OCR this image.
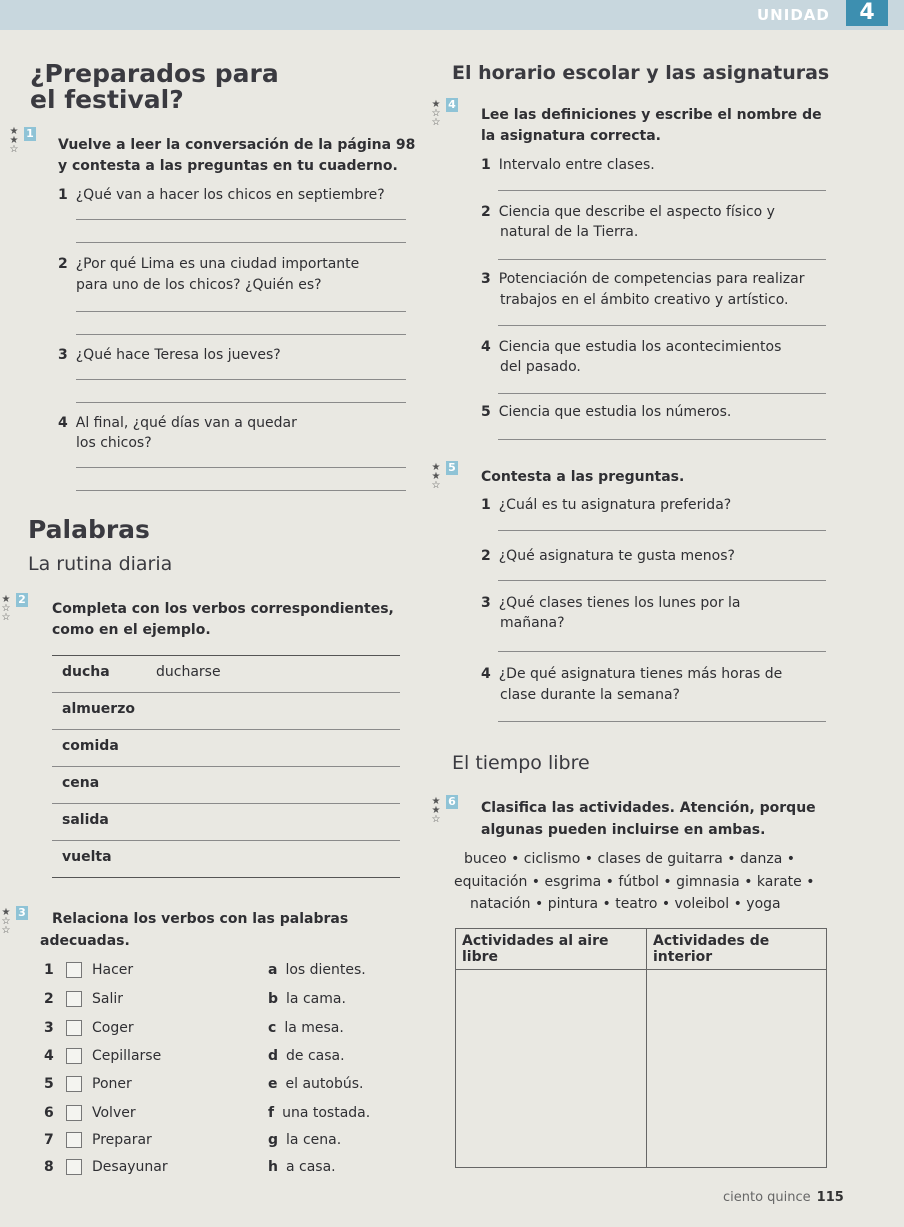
UNIDAD	4
¿Preparados para
el festival?
★
★
☆
1
Vuelve a leer la conversación de la página 98
y contesta a las preguntas en tu cuaderno.
1 ¿Qué van a hacer los chicos en septiembre?
2 ¿Por qué Lima es una ciudad importante
para uno de los chicos? ¿Quién es?
3 ¿Qué hace Teresa los jueves?
4 Al final, ¿qué días van a quedar
los chicos?
Palabras
La rutina diaria
★
☆
☆
2
Completa con los verbos correspondientes,
como en el ejemplo.
ducha	ducharse
almuerzo
comida
cena
salida
vuelta
★
☆
☆
3 Relaciona los verbos con las palabras
adecuadas.
1	Hacer	a los dientes.
2	Salir	b la cama.
3	Coger	c la mesa.
4	Cepillarse	d de casa.
5	Poner	e el autobús.
6	Volver	f una tostada.
7	Preparar	g la cena.
8	Desayunar	h a casa.
El horario escolar y las asignaturas
★
☆
☆
4
Lee las definiciones y escribe el nombre de
la asignatura correcta.
1 Intervalo entre clases.
2 Ciencia que describe el aspecto físico y
natural de la Tierra.
3 Potenciación de competencias para realizar
trabajos en el ámbito creativo y artístico.
4 Ciencia que estudia los acontecimientos
del pasado.
5 Ciencia que estudia los números.
★
★
☆
5
Contesta a las preguntas.
1 ¿Cuál es tu asignatura preferida?
2 ¿Qué asignatura te gusta menos?
3 ¿Qué clases tienes los lunes por la
mañana?
4 ¿De qué asignatura tienes más horas de
clase durante la semana?
El tiempo libre
★
★
☆
6 Clasifica las actividades. Atención, porque
algunas pueden incluirse en ambas.
buceo • ciclismo • clases de guitarra • danza •
equitación • esgrima • fútbol • gimnasia • karate •
natación • pintura • teatro • voleibol • yoga
Actividades al aire libre	Actividades de interior

ciento quince 115
